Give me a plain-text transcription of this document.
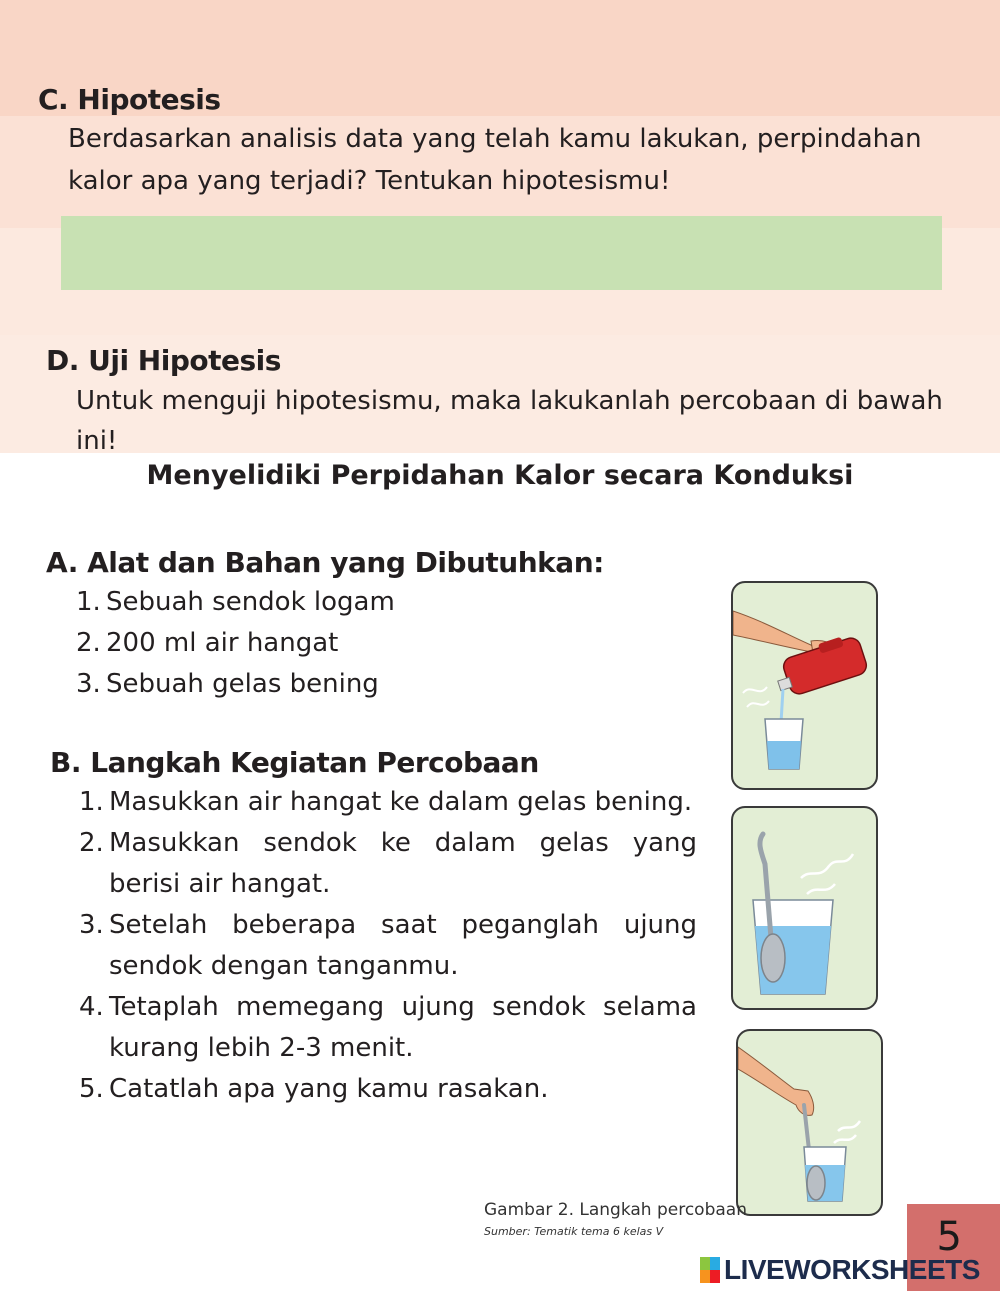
C. Hipotesis
Berdasarkan analisis data yang telah kamu lakukan, perpindahan
kalor apa yang terjadi? Tentukan hipotesismu!
D. Uji Hipotesis
Untuk menguji hipotesismu, maka lakukanlah percobaan di bawah
ini!
Menyelidiki Perpidahan Kalor secara Konduksi
A. Alat dan Bahan yang Dibutuhkan:
1. Sebuah sendok logam
2. 200 ml air hangat
3. Sebuah gelas bening
B. Langkah Kegiatan Percobaan
1. Masukkan air hangat ke dalam gelas bening.
2. Masukkan sendok ke dalam gelas yang berisi air hangat.
3. Setelah beberapa saat peganglah ujung sendok dengan tanganmu.
4. Tetaplah memegang ujung sendok selama kurang lebih 2-3 menit.
5. Catatlah apa yang kamu rasakan.
Gambar 2. Langkah percobaan
Sumber: Tematik tema 6 kelas V	5
LIVEWORKSHEETS
